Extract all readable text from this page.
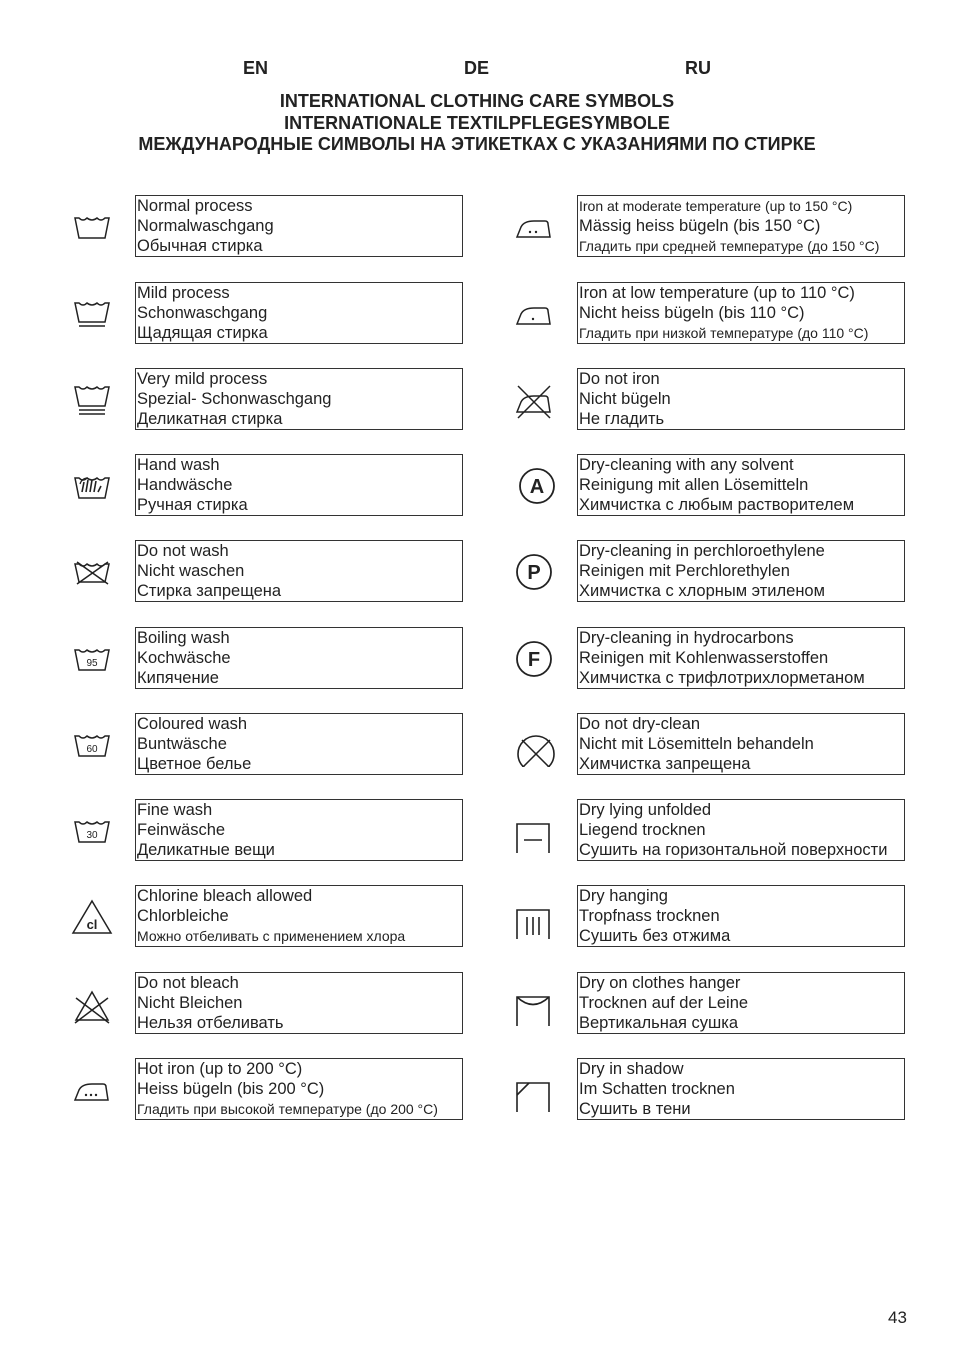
EN	DE	RU
INTERNATIONAL CLOTHING CARE SYMBOLS
INTERNATIONALE TEXTILPFLEGESYMBOLE
МЕЖДУНАРОДНЫЕ СИМВОЛЫ НА ЭТИКЕТКАХ С УКАЗАНИЯМИ ПО СТИРКЕ
Normal process
Normalwaschgang
Обычная стирка
Mild process
Schonwaschgang
Щадящая стирка
Very mild process
Spezial- Schonwaschgang
Деликатная стирка
Hand wash
Handwäsche
Ручная стирка
Do not wash
Nicht waschen
Стирка запрещена
95
Boiling wash
Kochwäsche
Кипячение
60
Coloured wash
Buntwäsche
Цветное белье
30
Fine wash
Feinwäsche
Деликатные вещи
cl
Chlorine bleach allowed
Chlorbleiche
Можно отбеливать с применением хлора
Do not bleach
Nicht Bleichen
Нельзя отбеливать
Hot iron (up to 200 °C)
Heiss bügeln (bis 200 °C)
Гладить при высокой температуре (до 200 °C)
Iron at moderate temperature (up to 150 °C)
Mässig heiss bügeln (bis 150 °C)
Гладить при средней температуре (до 150 °C)
Iron at low temperature (up to 110 °C)
Nicht heiss bügeln (bis 110 °C)
Гладить при низкой температуре (до 110 °C)
Do not iron
Nicht bügeln
Не гладить
A
Dry-cleaning with any solvent
Reinigung mit allen Lösemitteln
Химчистка с любым растворителем
P
Dry-cleaning in perchloroethylene
Reinigen mit Perchlorethylen
Химчистка с хлорным этиленом
F
Dry-cleaning in hydrocarbons
Reinigen mit Kohlenwasserstoffen
Химчистка с трифлотрихлорметаном
Do not dry-clean
Nicht mit Lösemitteln behandeln
Химчистка запрещена
Dry lying unfolded
Liegend trocknen
Сушить на горизонтальной поверхности
Dry hanging
Tropfnass trocknen
Сушить без отжима
Dry on clothes hanger
Trocknen auf der Leine
Вертикальная сушка
Dry in shadow
Im Schatten trocknen
Сушить в тени
43
